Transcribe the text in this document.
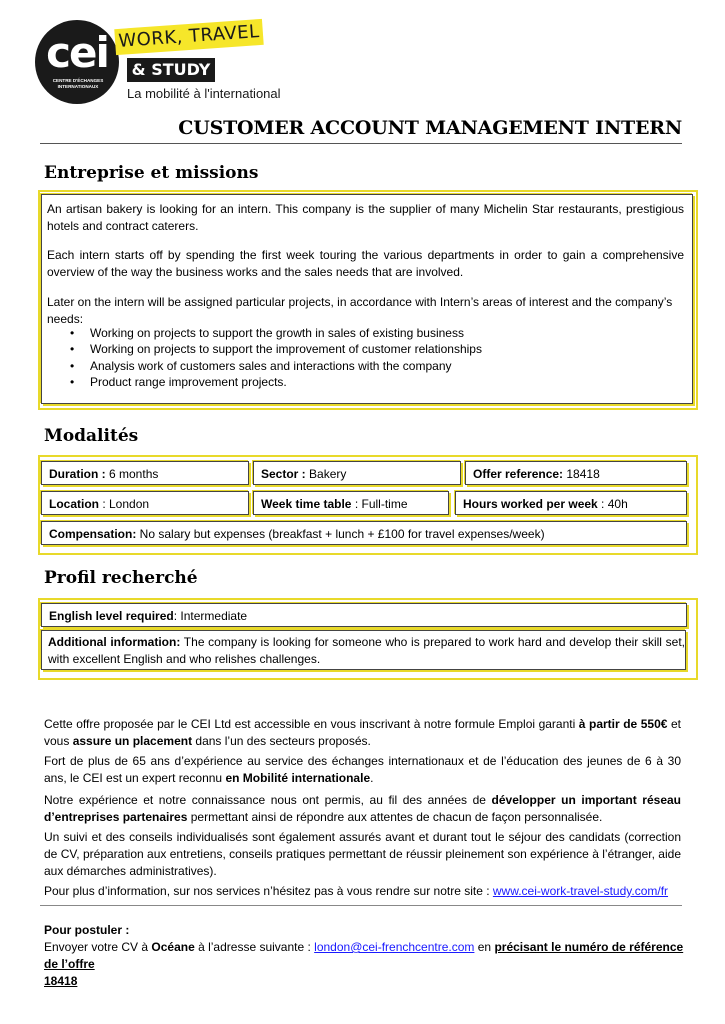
cei
CENTRE D'ÉCHANGES INTERNATIONAUX
WORK, TRAVEL
& STUDY
La mobilité à l'international
CUSTOMER ACCOUNT MANAGEMENT INTERN
Entreprise et missions
An artisan bakery is looking for an intern. This company is the supplier of many Michelin Star restaurants, prestigious hotels and contract caterers.
Each intern starts off by spending the first week touring the various departments in order to gain a comprehensive overview of the way the business works and the sales needs that are involved.
Later on the intern will be assigned particular projects, in accordance with Intern’s areas of interest and the company’s needs:
• Working on projects to support the growth in sales of existing business
• Working on projects to support the improvement of customer relationships
• Analysis work of customers sales and interactions with the company
• Product range improvement projects.
Modalités
Duration : 6 months	Sector : Bakery	Offer reference: 18418
Location : London	Week time table : Full-time	Hours worked per week : 40h
Compensation: No salary but expenses (breakfast + lunch + £100 for travel expenses/week)
Profil recherché
English level required: Intermediate
Additional information: The company is looking for someone who is prepared to work hard and develop their skill set, with excellent English and who relishes challenges.
Cette offre proposée par le CEI Ltd est accessible en vous inscrivant à notre formule Emploi garanti à partir de 550€ et vous assure un placement dans l’un des secteurs proposés.
Fort de plus de 65 ans d’expérience au service des échanges internationaux et de l’éducation des jeunes de 6 à 30 ans, le CEI est un expert reconnu en Mobilité internationale.
Notre expérience et notre connaissance nous ont permis, au fil des années de développer un important réseau d’entreprises partenaires permettant ainsi de répondre aux attentes de chacun de façon personnalisée.
Un suivi et des conseils individualisés sont également assurés avant et durant tout le séjour des candidats (correction de CV, préparation aux entretiens, conseils pratiques permettant de réussir pleinement son expérience à l’étranger, aide aux démarches administratives).
Pour plus d’information, sur nos services n’hésitez pas à vous rendre sur notre site : www.cei-work-travel-study.com/fr
Pour postuler :
Envoyer votre CV à Océane à l’adresse suivante : london@cei-frenchcentre.com en précisant le numéro de référence de l’offre
18418
